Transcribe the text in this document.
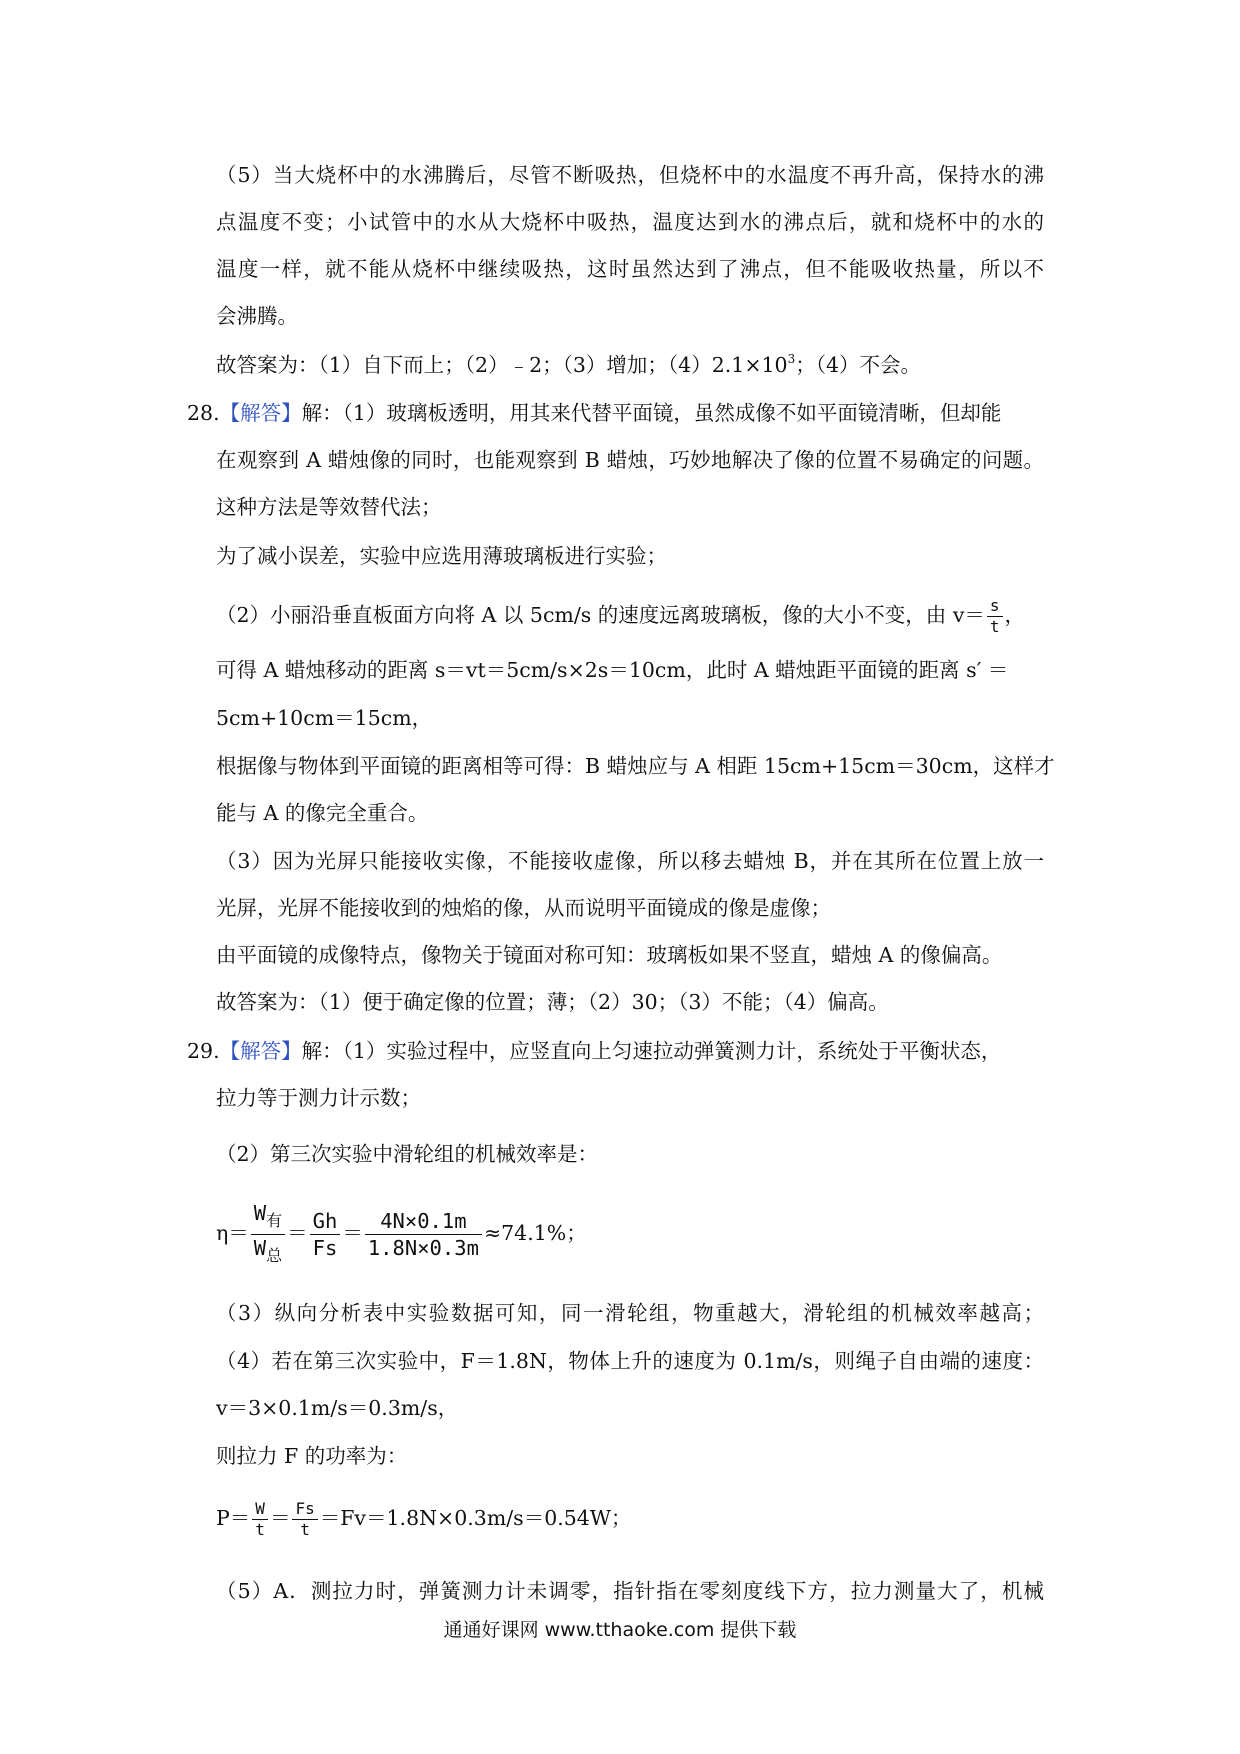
（5）当大烧杯中的水沸腾后，尽管不断吸热，但烧杯中的水温度不再升高，保持水的沸
点温度不变；小试管中的水从大烧杯中吸热，温度达到水的沸点后，就和烧杯中的水的
温度一样，就不能从烧杯中继续吸热，这时虽然达到了沸点，但不能吸收热量，所以不
会沸腾。
故答案为：（1）自下而上；（2）﹣2；（3）增加；$(4)2.1\times 10^3$；（4）不会。
28.【解答】解：（1）玻璃板透明，用其来代替平面镜，虽然成像不如平面镜清晰，但却能
在观察到 A 蜡烛像的同时，也能观察到 B 蜡烛，巧妙地解决了像的位置不易确定的问题。
这种方法是等效替代法；
为了减小误差，实验中应选用薄玻璃板进行实验；
（2）小丽沿垂直板面方向将 A 以 5cm/s 的速度远离玻璃板，像的大小不变，由 $v= \frac{s}{t}$ ，
可得 A 蜡烛移动的距离 s＝vt＝5cm/s×2s＝10cm，此时 A 蜡烛距平面镜的距离 s′ ＝
5cm+10cm＝15cm，
根据像与物体到平面镜的距离相等可得：B 蜡烛应与 A 相距 15cm+15cm＝30cm，这样才
能与 A 的像完全重合。
（3）因为光屏只能接收实像，不能接收虚像，所以移去蜡烛 B，并在其所在位置上放一
光屏，光屏不能接收到的烛焰的像，从而说明平面镜成的像是虚像；
由平面镜的成像特点，像物关于镜面对称可知：玻璃板如果不竖直，蜡烛 A 的像偏高。
故答案为：（1）便于确定像的位置；薄；（2）30；（3）不能；（4）偏高。
29.【解答】解：（1）实验过程中，应竖直向上匀速拉动弹簧测力计，系统处于平衡状态，
拉力等于测力计示数；
（2）第三次实验中滑轮组的机械效率是：
$\eta= \frac{W_有}{W_总} = \frac{Gh}{Fs} = \frac{4N\times 0.1m}{1.8N\times 0.3m} \approx 74.1\%$；
（3）纵向分析表中实验数据可知，同一滑轮组，物重越大，滑轮组的机械效率越高；
（4）若在第三次实验中，F＝1.8N，物体上升的速度为 0.1m/s，则绳子自由端的速度：
v＝3×0.1m/s＝0.3m/s，
则拉力 F 的功率为：
$P= \frac{W}{t} = \frac{Fs}{t} =Fv=1.8N\times 0.3m/s=0.54W$；
（5）A．测拉力时，弹簧测力计未调零，指针指在零刻度线下方，拉力测量大了，机械
通通好课网 www.tthaoke.com 提供下载
